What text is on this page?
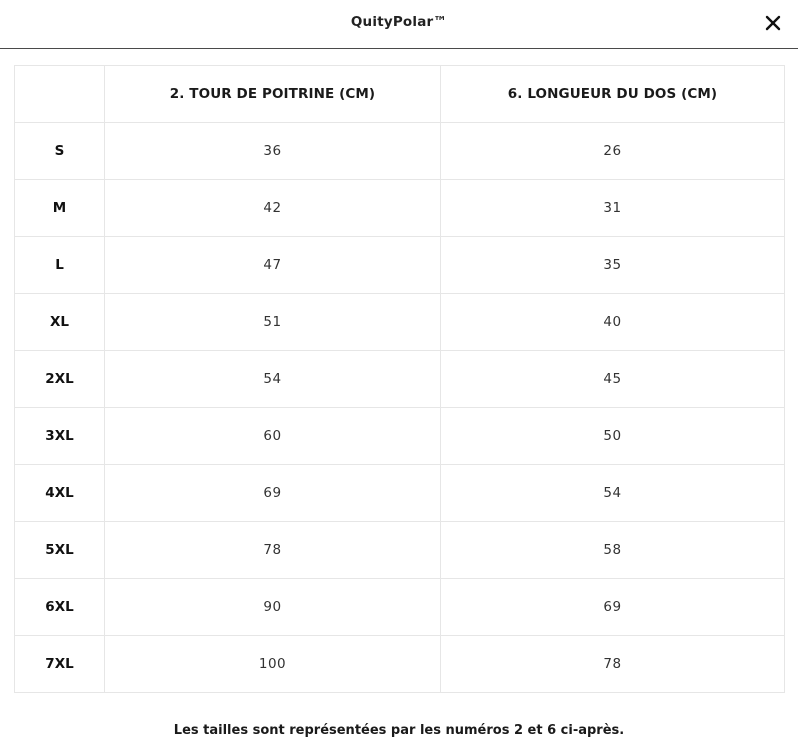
QuityPolar™
	2. TOUR DE POITRINE (CM)	6. LONGUEUR DU DOS (CM)
S	36	26
M	42	31
L	47	35
XL	51	40
2XL	54	45
3XL	60	50
4XL	69	54
5XL	78	58
6XL	90	69
7XL	100	78
Les tailles sont représentées par les numéros 2 et 6 ci-après.
